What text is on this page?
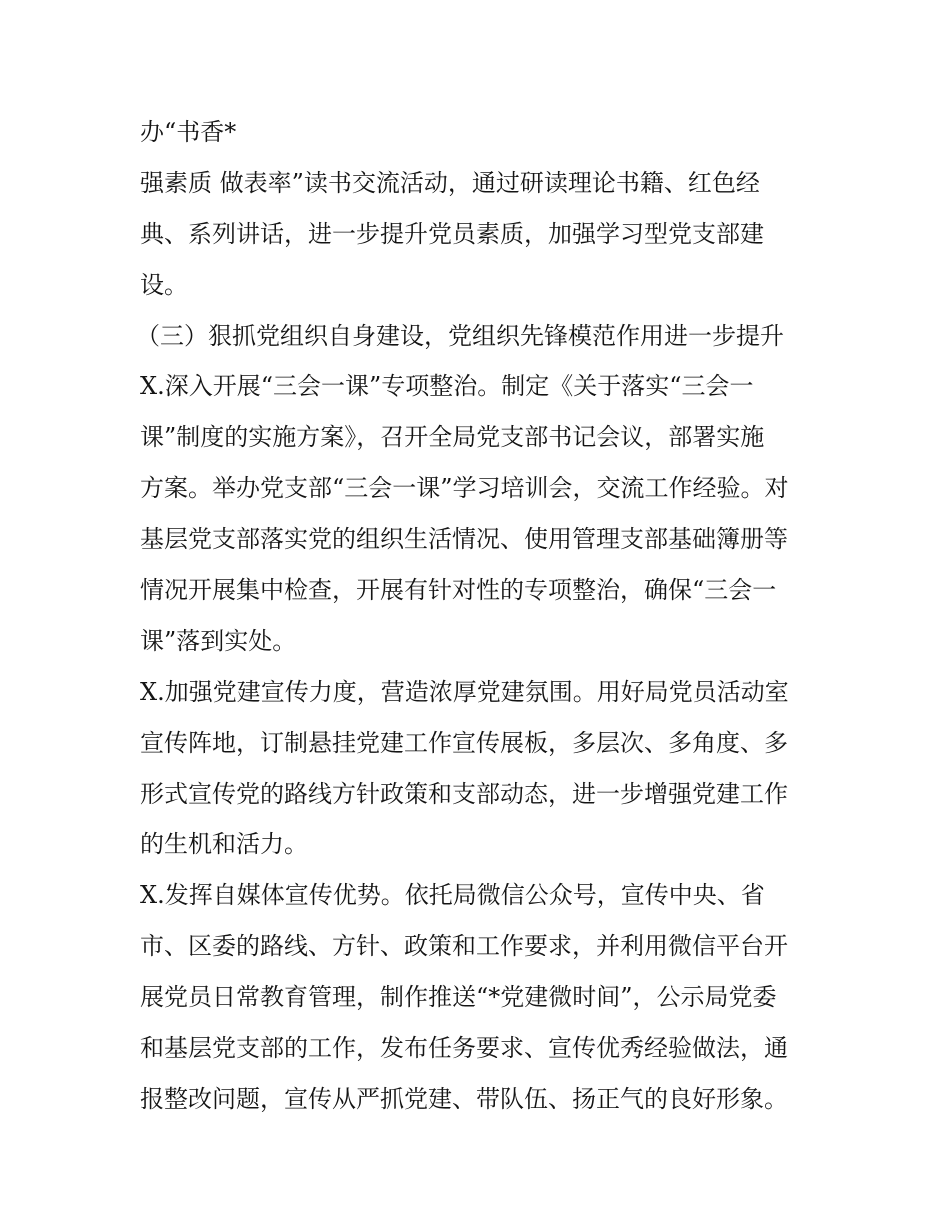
办“书香*
强素质 做表率”读书交流活动，通过研读理论书籍、红色经
典、系列讲话，进一步提升党员素质，加强学习型党支部建
设。
（三）狠抓党组织自身建设，党组织先锋模范作用进一步提升
X.深入开展“三会一课”专项整治。制定《关于落实“三会一
课”制度的实施方案》，召开全局党支部书记会议，部署实施
方案。举办党支部“三会一课”学习培训会，交流工作经验。对
基层党支部落实党的组织生活情况、使用管理支部基础簿册等
情况开展集中检查，开展有针对性的专项整治，确保“三会一
课”落到实处。
X.加强党建宣传力度，营造浓厚党建氛围。用好局党员活动室
宣传阵地，订制悬挂党建工作宣传展板，多层次、多角度、多
形式宣传党的路线方针政策和支部动态，进一步增强党建工作
的生机和活力。
X.发挥自媒体宣传优势。依托局微信公众号，宣传中央、省
市、区委的路线、方针、政策和工作要求，并利用微信平台开
展党员日常教育管理，制作推送“*党建微时间”，公示局党委
和基层党支部的工作，发布任务要求、宣传优秀经验做法，通
报整改问题，宣传从严抓党建、带队伍、扬正气的良好形象。
